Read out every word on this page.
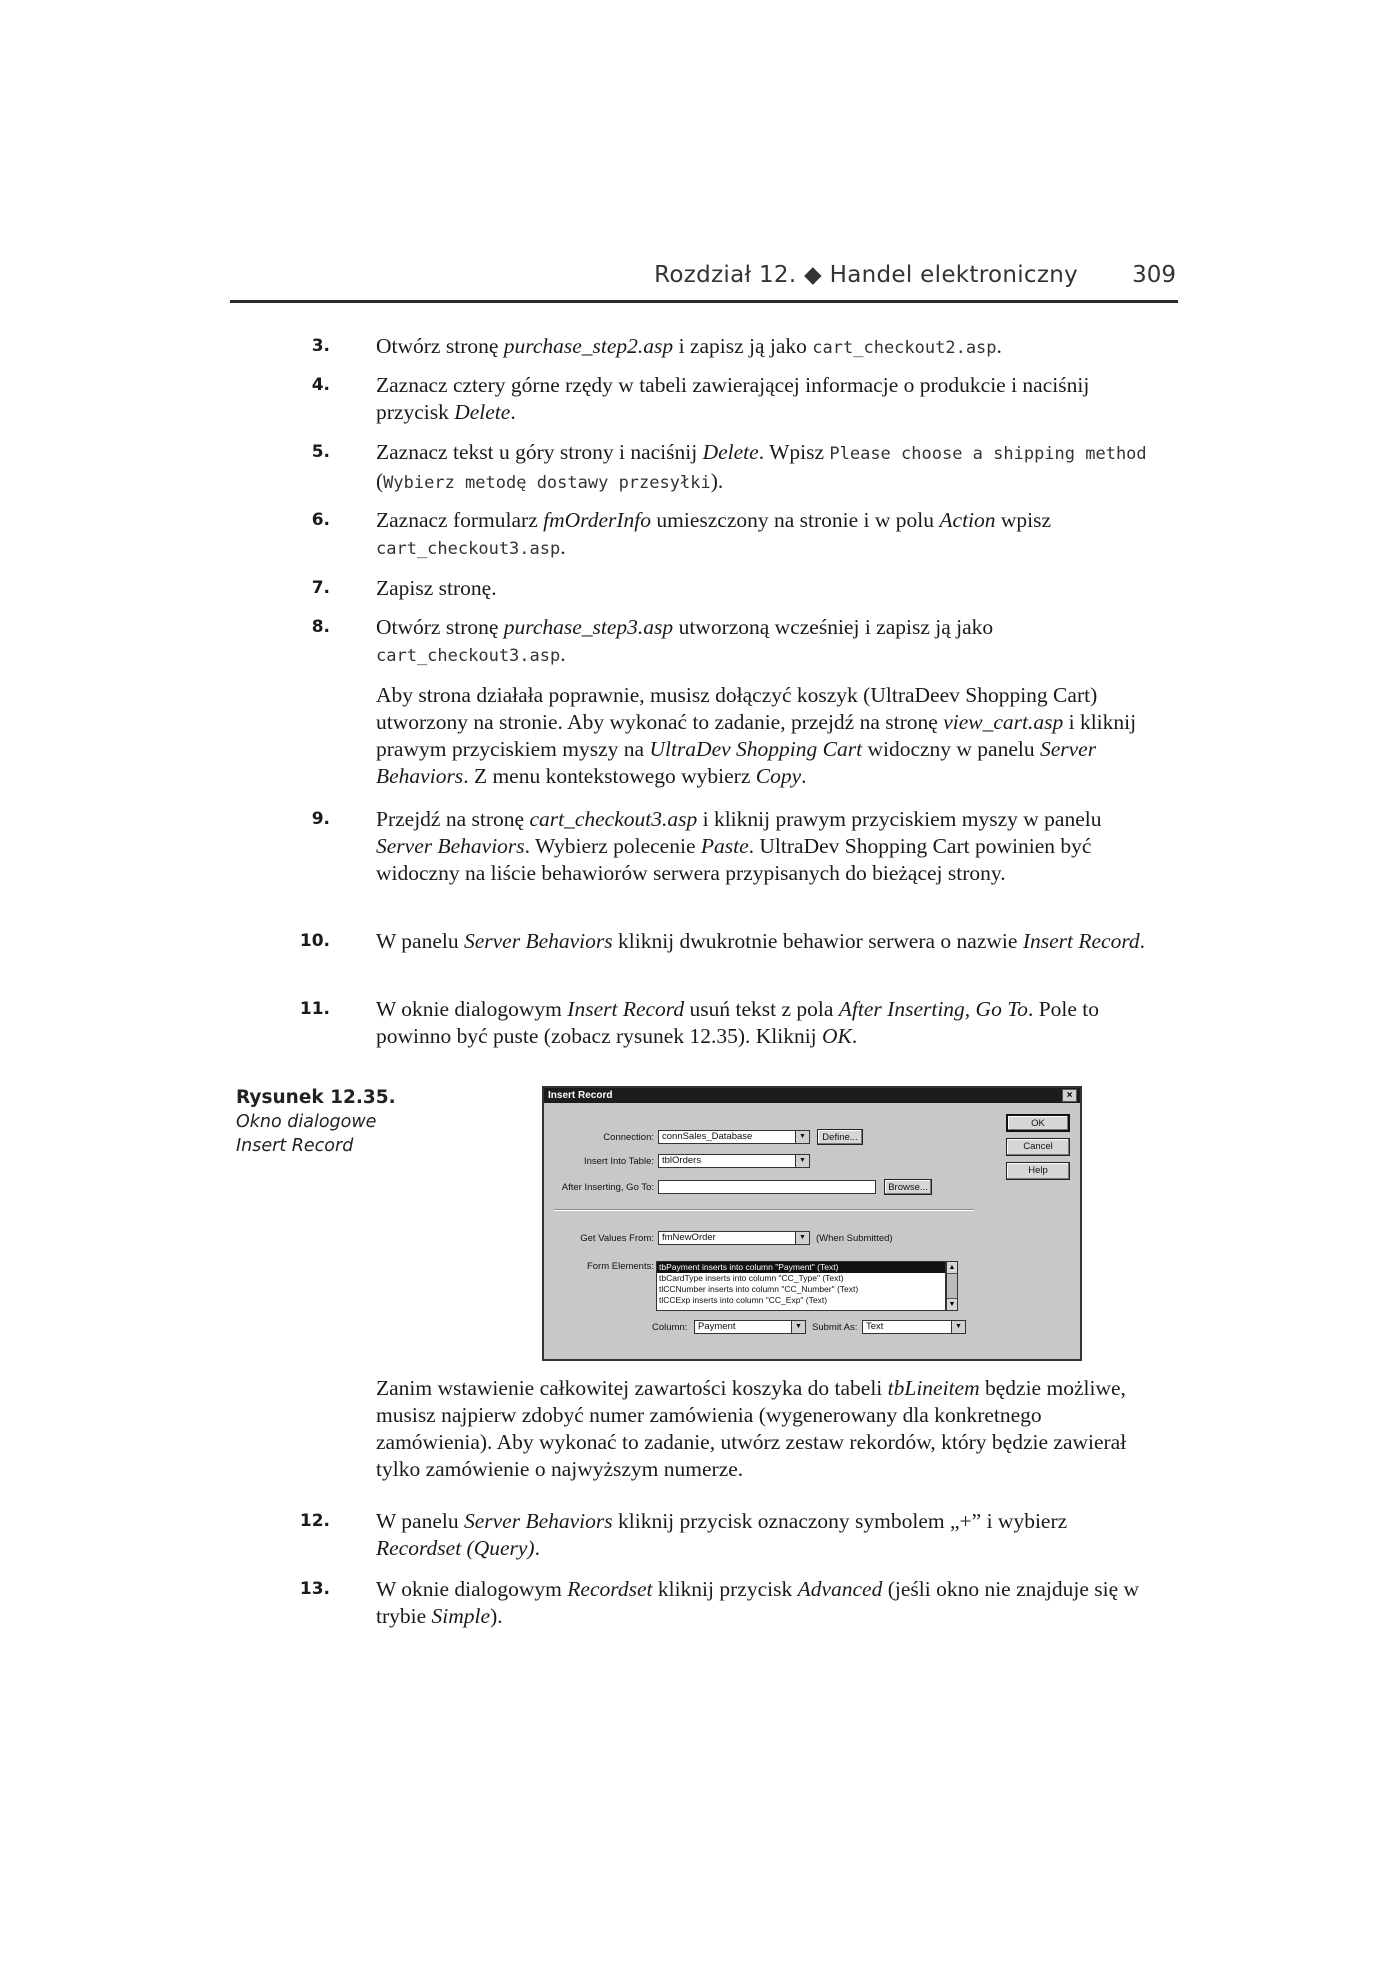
Rozdział 12. ◆ Handel elektroniczny 309
3. Otwórz stronę purchase_step2.asp i zapisz ją jako cart_checkout2.asp.
4. Zaznacz cztery górne rzędy w tabeli zawierającej informacje o produkcie i naciśnij przycisk Delete.
5. Zaznacz tekst u góry strony i naciśnij Delete. Wpisz Please choose a shipping method (Wybierz metodę dostawy przesyłki).
6. Zaznacz formularz fmOrderInfo umieszczony na stronie i w polu Action wpisz cart_checkout3.asp.
7. Zapisz stronę.
8. Otwórz stronę purchase_step3.asp utworzoną wcześniej i zapisz ją jako cart_checkout3.asp.
Aby strona działała poprawnie, musisz dołączyć koszyk (UltraDeev Shopping Cart) utworzony na stronie. Aby wykonać to zadanie, przejdź na stronę view_cart.asp i kliknij prawym przyciskiem myszy na UltraDev Shopping Cart widoczny w panelu Server Behaviors. Z menu kontekstowego wybierz Copy.
9. Przejdź na stronę cart_checkout3.asp i kliknij prawym przyciskiem myszy w panelu Server Behaviors. Wybierz polecenie Paste. UltraDev Shopping Cart powinien być widoczny na liście behawiorów serwera przypisanych do bieżącej strony.
10. W panelu Server Behaviors kliknij dwukrotnie behawior serwera o nazwie Insert Record.
11. W oknie dialogowym Insert Record usuń tekst z pola After Inserting, Go To. Pole to powinno być puste (zobacz rysunek 12.35). Kliknij OK.
Rysunek 12.35.
Okno dialogowe
Insert Record
Insert Record	×
Connection: connSales_Database	▼	Define...
Insert Into Table: tblOrders	▼
After Inserting, Go To:	Browse...
Get Values From: fmNewOrder	▼	(When Submitted)
Form Elements: tbPayment inserts into column "Payment" (Text)
tbCardType inserts into column "CC_Type" (Text)
tlCCNumber inserts into column "CC_Number" (Text)
tlCCExp inserts into column "CC_Exp" (Text)
▲
▼
Column:	Payment	▼	Submit As: Text	▼
OK
Cancel
Help
Zanim wstawienie całkowitej zawartości koszyka do tabeli tbLineitem będzie możliwe, musisz najpierw zdobyć numer zamówienia (wygenerowany dla konkretnego zamówienia). Aby wykonać to zadanie, utwórz zestaw rekordów, który będzie zawierał tylko zamówienie o najwyższym numerze.
12. W panelu Server Behaviors kliknij przycisk oznaczony symbolem „+” i wybierz Recordset (Query).
13. W oknie dialogowym Recordset kliknij przycisk Advanced (jeśli okno nie znajduje się w trybie Simple).
